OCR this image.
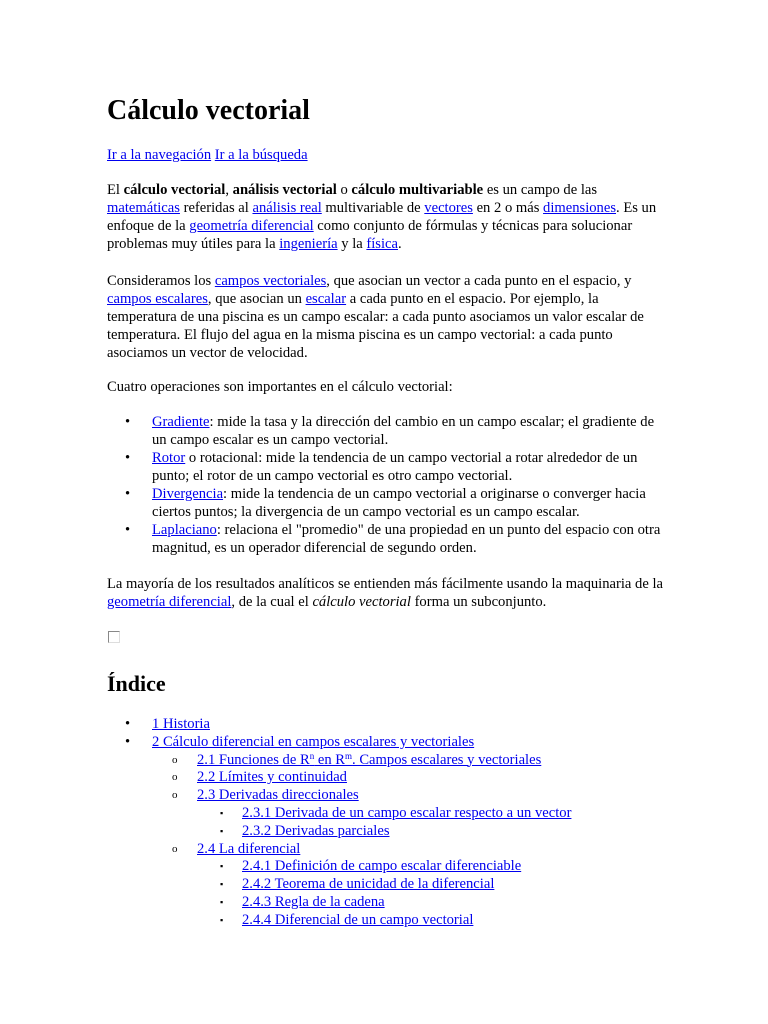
Cálculo vectorial
Ir a la navegación Ir a la búsqueda

El cálculo vectorial, análisis vectorial o cálculo multivariable es un campo de las matemáticas referidas al análisis real multivariable de vectores en 2 o más dimensiones. Es un enfoque de la geometría diferencial como conjunto de fórmulas y técnicas para solucionar problemas muy útiles para la ingeniería y la física.

Consideramos los campos vectoriales, que asocian un vector a cada punto en el espacio, y campos escalares, que asocian un escalar a cada punto en el espacio. Por ejemplo, la temperatura de una piscina es un campo escalar: a cada punto asociamos un valor escalar de temperatura. El flujo del agua en la misma piscina es un campo vectorial: a cada punto asociamos un vector de velocidad.

Cuatro operaciones son importantes en el cálculo vectorial:

• Gradiente: mide la tasa y la dirección del cambio en un campo escalar; el gradiente de un campo escalar es un campo vectorial.
• Rotor o rotacional: mide la tendencia de un campo vectorial a rotar alrededor de un punto; el rotor de un campo vectorial es otro campo vectorial.
• Divergencia: mide la tendencia de un campo vectorial a originarse o converger hacia ciertos puntos; la divergencia de un campo vectorial es un campo escalar.
• Laplaciano: relaciona el "promedio" de una propiedad en un punto del espacio con otra magnitud, es un operador diferencial de segundo orden.

La mayoría de los resultados analíticos se entienden más fácilmente usando la maquinaria de la geometría diferencial, de la cual el cálculo vectorial forma un subconjunto.

Índice
• 1 Historia
• 2 Cálculo diferencial en campos escalares y vectoriales
o 2.1 Funciones de R$^n$ en R$^m$. Campos escalares y vectoriales
o 2.2 Límites y continuidad
o 2.3 Derivadas direccionales
▪ 2.3.1 Derivada de un campo escalar respecto a un vector
▪ 2.3.2 Derivadas parciales
o 2.4 La diferencial
▪ 2.4.1 Definición de campo escalar diferenciable
▪ 2.4.2 Teorema de unicidad de la diferencial
▪ 2.4.3 Regla de la cadena
▪ 2.4.4 Diferencial de un campo vectorial
